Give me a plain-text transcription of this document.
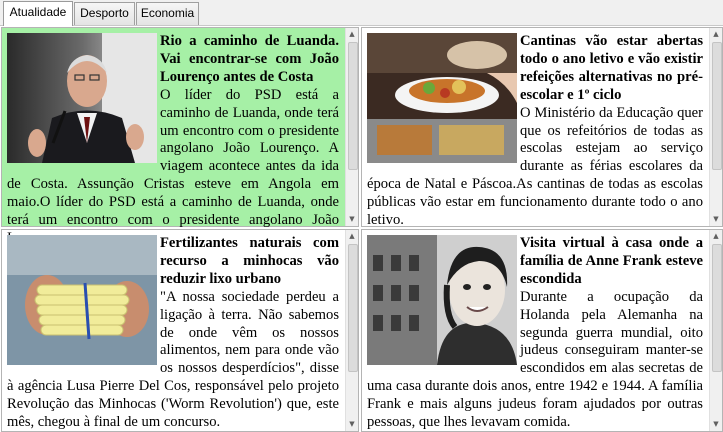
Atualidade	Desporto Economia
Rio a caminho de Luanda. Vai encontrar-se com João Lourenço antes de Costa
O líder do PSD está a caminho de Luanda, onde terá um encontro com o presidente angolano João Lourenço. A viagem acontece antes da ida de Costa. Assunção Cristas esteve em Angola em maio.O líder do PSD está a caminho de Luanda, onde terá um encontro com o presidente angolano João
▲
▼
Cantinas vão estar abertas todo o ano letivo e vão existir refeições alternativas no pré-escolar e 1º ciclo
O Ministério da Educação quer que os refeitórios de todas as escolas estejam ao serviço durante as férias escolares da época de Natal e Páscoa.As cantinas de todas as escolas públicas vão estar em funcionamento durante todo o ano letivo.
▲
▼
Fertilizantes naturais com recurso a minhocas vão reduzir lixo urbano
"A nossa sociedade perdeu a ligação à terra. Não sabemos de onde vêm os nossos alimentos, nem para onde vão os nossos desperdícios", disse à agência Lusa Pierre Del Cos, responsável pelo projeto Revolução das Minhocas ('Worm Revolution') que, este mês, chegou à final de um concurso.
▲
▼
Visita virtual à casa onde a família de Anne Frank esteve escondida
Durante a ocupação da Holanda pela Alemanha na segunda guerra mundial, oito judeus conseguiram manter-se escondidos em alas secretas de uma casa durante dois anos, entre 1942 e 1944. A família Frank e mais alguns judeus foram ajudados por outras pessoas, que lhes levavam comida.
▲
▼
